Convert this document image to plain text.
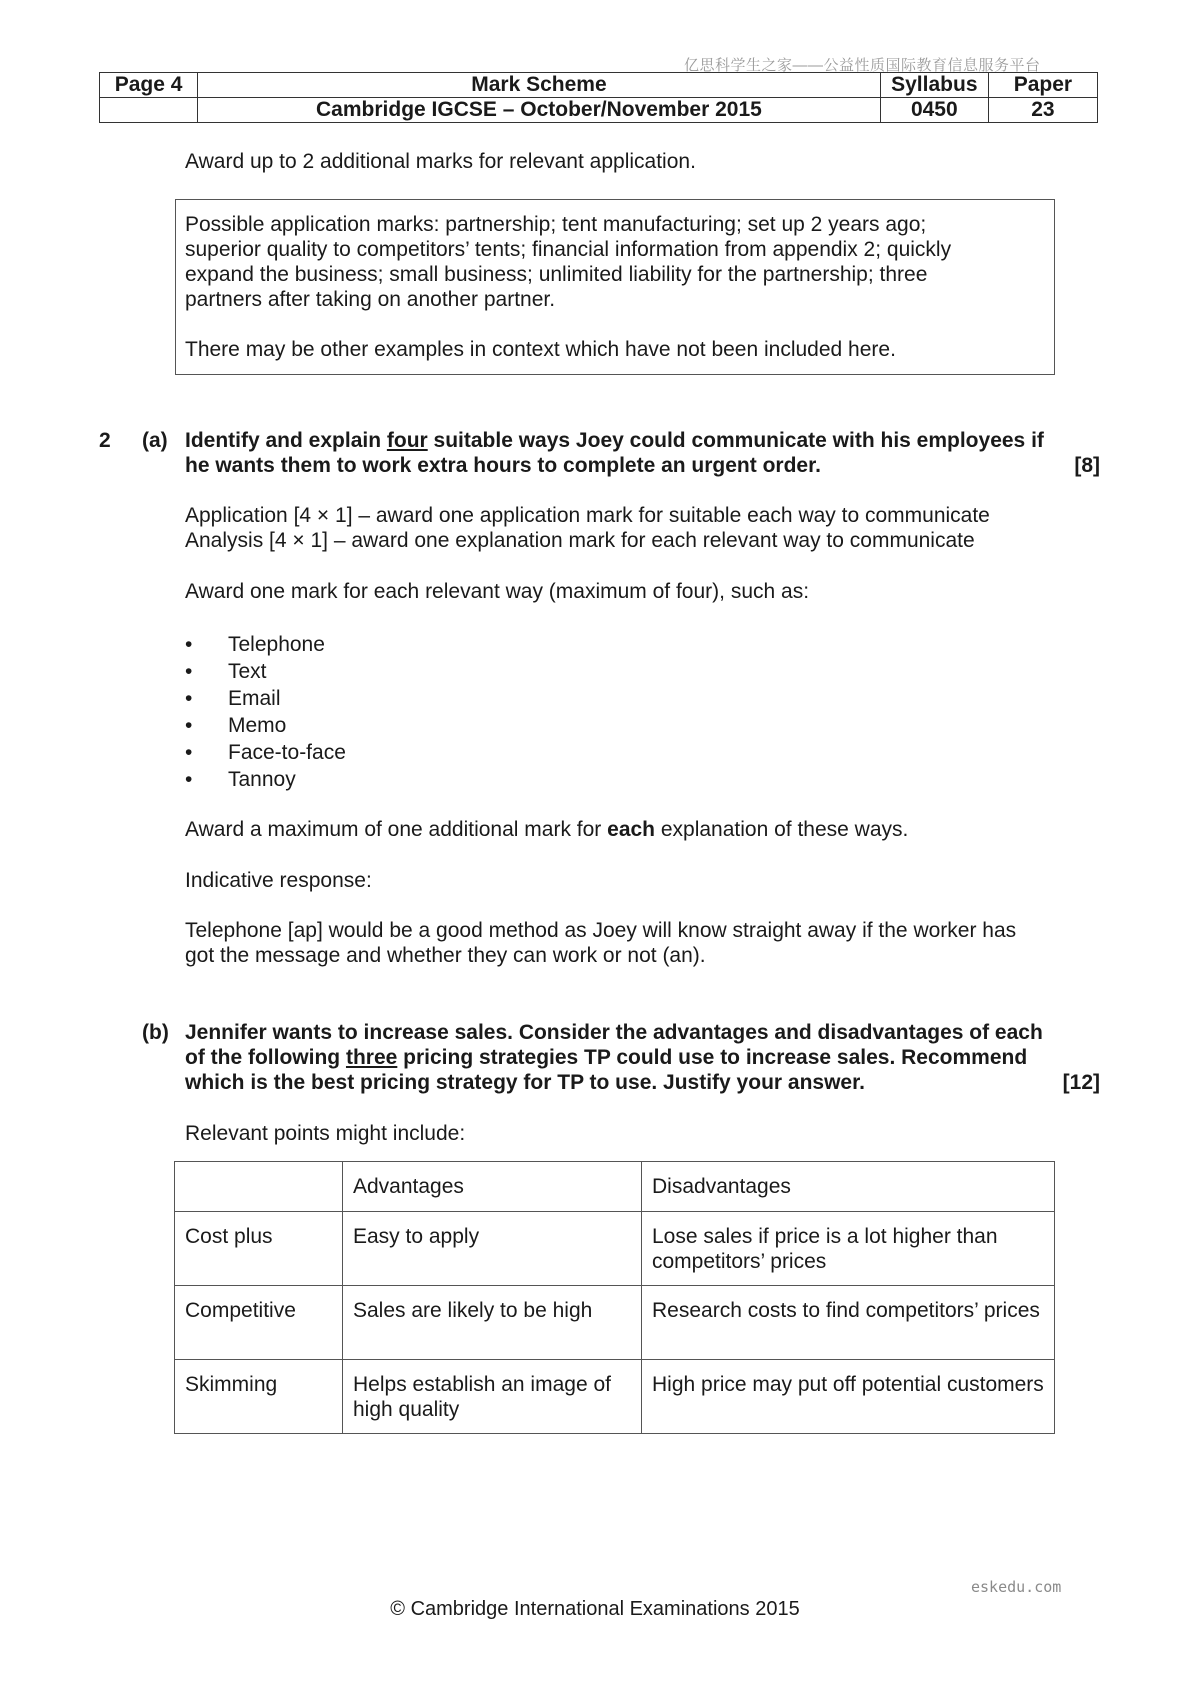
亿思科学生之家——公益性质国际教育信息服务平台
Page 4	Mark Scheme	Syllabus	Paper
	Cambridge IGCSE – October/November 2015	0450	23
Award up to 2 additional marks for relevant application.
Possible application marks: partnership; tent manufacturing; set up 2 years ago;
superior quality to competitors’ tents; financial information from appendix 2; quickly
expand the business; small business; unlimited liability for the partnership; three
partners after taking on another partner.
There may be other examples in context which have not been included here.
2 (a) Identify and explain four suitable ways Joey could communicate with his employees if
he wants them to work extra hours to complete an urgent order.	[8]
Application [4 × 1] – award one application mark for suitable each way to communicate
Analysis [4 × 1] – award one explanation mark for each relevant way to communicate
Award one mark for each relevant way (maximum of four), such as:
• Telephone
• Text
• Email
• Memo
• Face-to-face
• Tannoy
Award a maximum of one additional mark for each explanation of these ways.
Indicative response:
Telephone [ap] would be a good method as Joey will know straight away if the worker has
got the message and whether they can work or not (an).
(b) Jennifer wants to increase sales. Consider the advantages and disadvantages of each
of the following three pricing strategies TP could use to increase sales. Recommend
which is the best pricing strategy for TP to use. Justify your answer.	[12]
Relevant points might include:
	Advantages	Disadvantages
Cost plus	Easy to apply	Lose sales if price is a lot higher than competitors’ prices
Competitive	Sales are likely to be high	Research costs to find competitors’ prices
Skimming	Helps establish an image of high quality	High price may put off potential customers
eskedu.com
© Cambridge International Examinations 2015
